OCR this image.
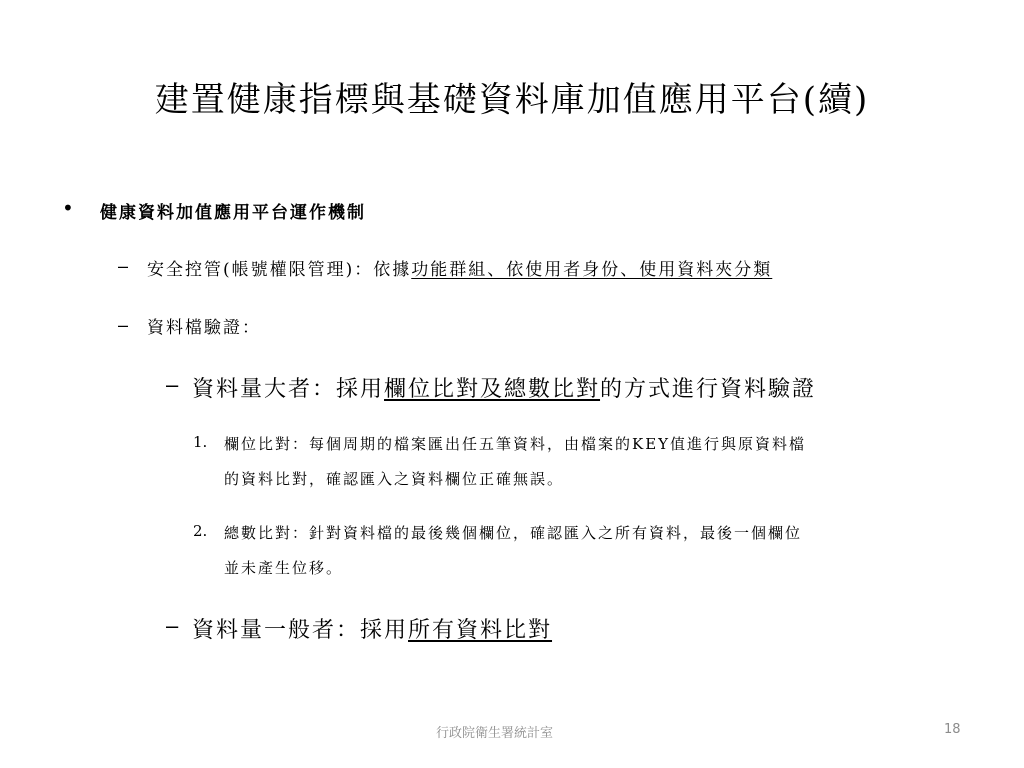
建置健康指標與基礎資料庫加值應用平台(續)
• 健康資料加值應用平台運作機制
– 安全控管(帳號權限管理)：依據功能群組、依使用者身份、使用資料夾分類
– 資料檔驗證：
– 資料量大者：採用欄位比對及總數比對的方式進行資料驗證
1. 欄位比對：每個周期的檔案匯出任五筆資料，由檔案的KEY值進行與原資料檔
的資料比對，確認匯入之資料欄位正確無誤。
2. 總數比對：針對資料檔的最後幾個欄位，確認匯入之所有資料，最後一個欄位
並未產生位移。
– 資料量一般者：採用所有資料比對
行政院衛生署統計室	18
